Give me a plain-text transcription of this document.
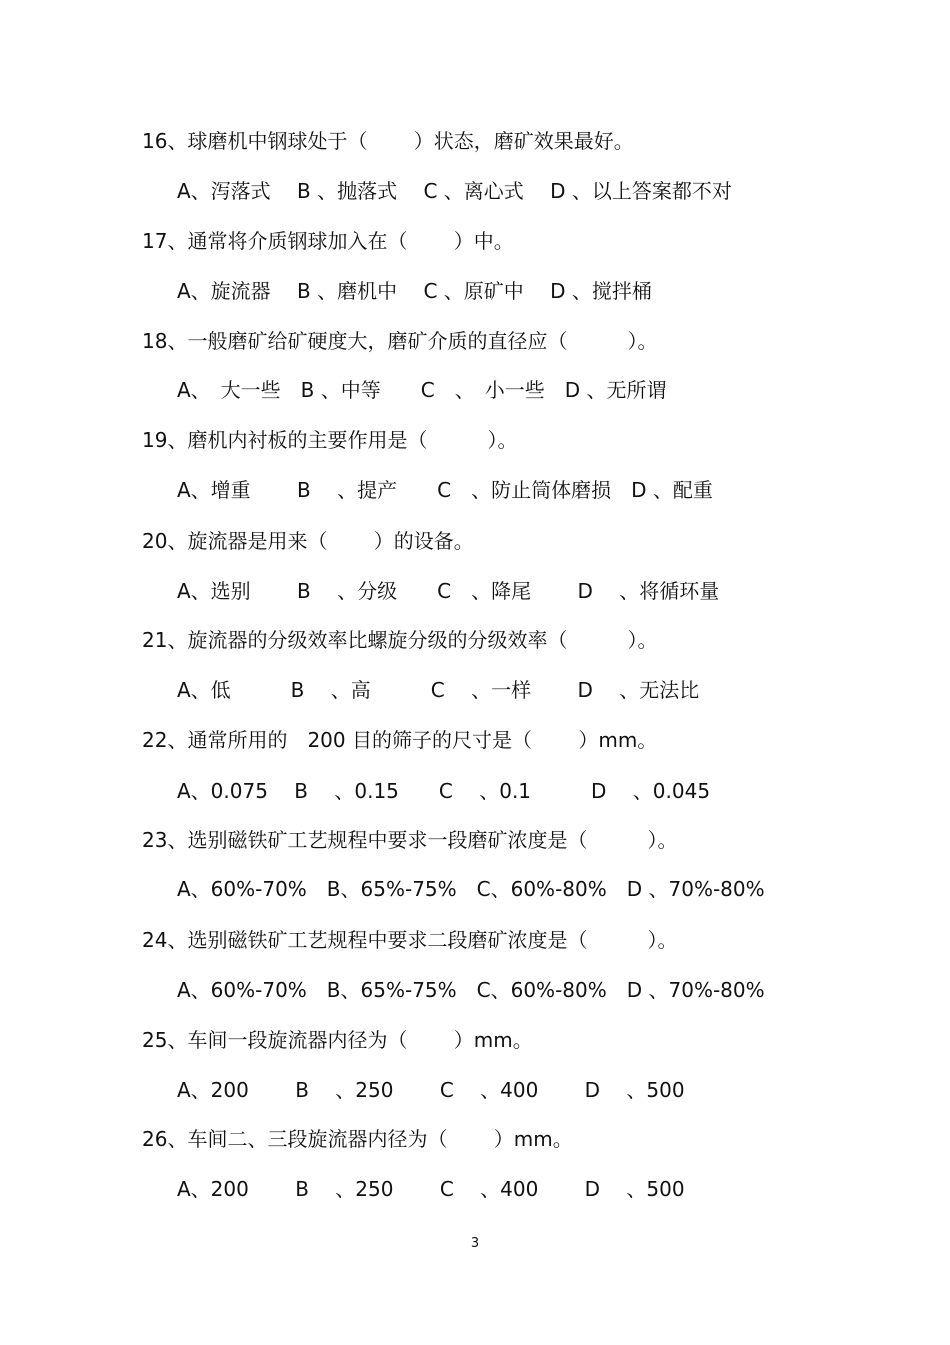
16、球磨机中钢球处于（　　 ）状态，磨矿效果最好。
A、泻落式　 B 、抛落式　 C 、离心式　 D 、以上答案都不对
17、通常将介质钢球加入在（　　 ）中。
A、旋流器　 B 、磨机中　 C 、原矿中　 D 、搅拌桶
18、一般磨矿给矿硬度大，磨矿介质的直径应（　　　）。
A、　大一些　B 、中等　　C　、　小一些　D 、无所谓
19、磨机内衬板的主要作用是（　　　）。
A、增重　　 B　 、提产　　C　、防止筒体磨损　D 、配重
20、旋流器是用来（　　 ）的设备。
A、选别　　 B　 、分级　　C　、降尾　　 D　 、将循环量
21、旋流器的分级效率比螺旋分级的分级效率（　　　）。
A、低　　　B　 、高　　　C　 、一样　　 D　 、无法比
22、通常所用的　200 目的筛子的尺寸是（　　 ）mm。
A、0.075　 B　 、0.15　　C　 、0.1　　　D　 、0.045
23、选别磁铁矿工艺规程中要求一段磨矿浓度是（　　　）。
A、60%-70%　B、65%-75%　C、60%-80%　D 、70%-80%
24、选别磁铁矿工艺规程中要求二段磨矿浓度是（　　　）。
A、60%-70%　B、65%-75%　C、60%-80%　D 、70%-80%
25、车间一段旋流器内径为（　　 ）mm。
A、200　　 B　 、250　　 C　 、400　　 D　 、500
26、车间二、三段旋流器内径为（　　 ）mm。
A、200　　 B　 、250　　 C　 、400　　 D　 、500
3
